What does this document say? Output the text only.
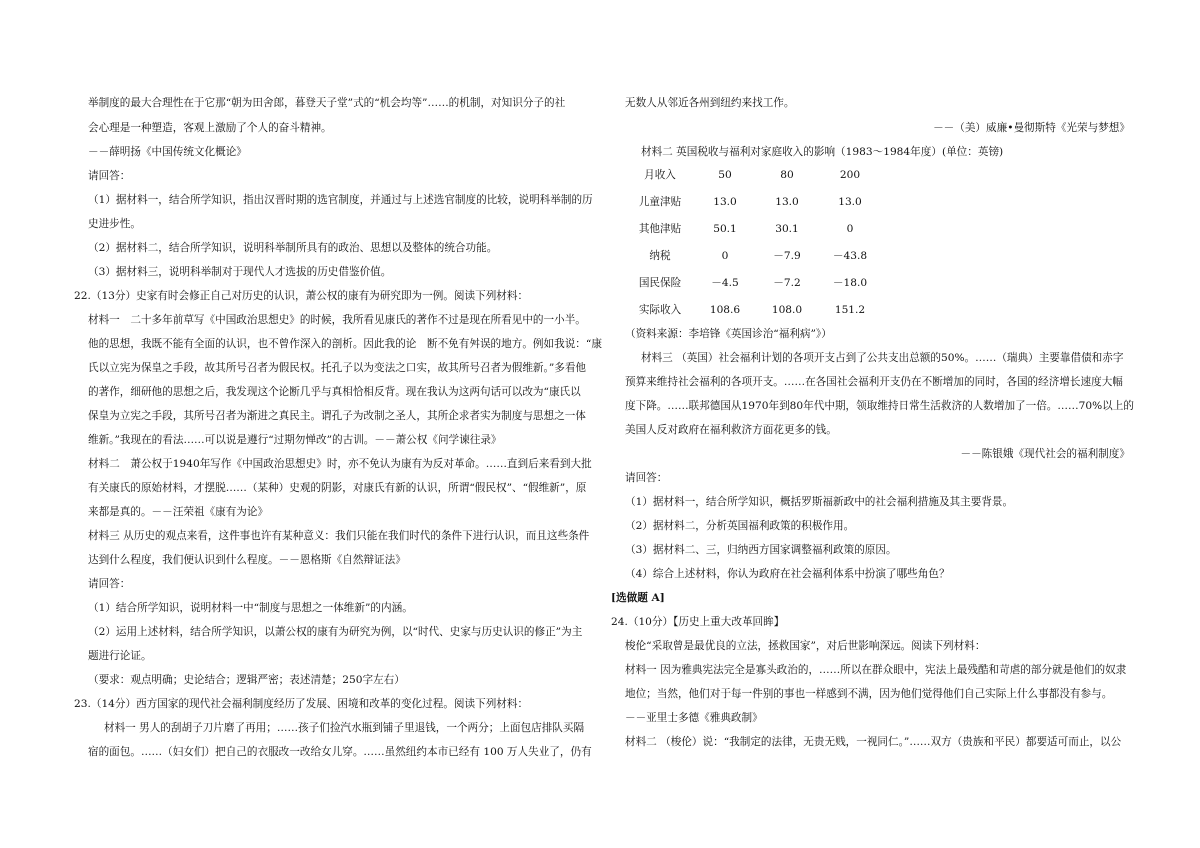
举制度的最大合理性在于它那“朝为田舍郎，暮登天子堂”式的“机会均等”……的机制，对知识分子的社
会心理是一种塑造，客观上激励了个人的奋斗精神。
－－薛明扬《中国传统文化概论》
请回答：
（1）据材料一，结合所学知识，指出汉晋时期的选官制度，并通过与上述选官制度的比较，说明科举制的历
史进步性。
（2）据材料二，结合所学知识，说明科举制所具有的政治、思想以及整体的统合功能。
（3）据材料三，说明科举制对于现代人才选拔的历史借鉴价值。
22.（13分）史家有时会修正自己对历史的认识，萧公权的康有为研究即为一例。阅读下列材料：
材料一　二十多年前草写《中国政治思想史》的时候，我所看见康氏的著作不过是现在所看见中的一小半。
他的思想，我既不能有全面的认识，也不曾作深入的剖析。因此我的论　断不免有舛误的地方。例如我说：“康
氏以立宪为保皇之手段，故其所号召者为假民权。托孔子以为变法之口实，故其所号召者为假维新。”多看他
的著作，细研他的思想之后，我发现这个论断几乎与真相恰相反背。现在我认为这两句话可以改为“康氏以
保皇为立宪之手段，其所号召者为渐进之真民主。谓孔子为改制之圣人，其所企求者实为制度与思想之一体
维新。”我现在的看法……可以说是遵行“过期勿惮改”的古训。－－萧公权《问学谏往录》
材料二　萧公权于1940年写作《中国政治思想史》时，亦不免认为康有为反对革命。……直到后来看到大批
有关康氏的原始材料，才摆脱……（某种）史观的阴影，对康氏有新的认识，所谓“假民权”、“假维新”，原
来都是真的。－－汪荣祖《康有为论》
材料三 从历史的观点来看，这件事也许有某种意义：我们只能在我们时代的条件下进行认识，而且这些条件
达到什么程度，我们便认识到什么程度。－－恩格斯《自然辩证法》
请回答：
（1）结合所学知识，说明材料一中“制度与思想之一体维新”的内涵。
（2）运用上述材料，结合所学知识，以萧公权的康有为研究为例，以“时代、史家与历史认识的修正”为主
题进行论证。
（要求：观点明确；史论结合；逻辑严密；表述清楚；250字左右）
23.（14分）西方国家的现代社会福利制度经历了发展、困境和改革的变化过程。阅读下列材料：
材料一 男人的刮胡子刀片磨了再用；……孩子们捡汽水瓶到铺子里退钱，一个两分；上面包店排队买隔
宿的面包。……（妇女们）把自己的衣服改一改给女儿穿。……虽然纽约本市已经有 100 万人失业了，仍有
无数人从邻近各州到纽约来找工作。
－－（美）威廉•曼彻斯特《光荣与梦想》
材料二 英国税收与福利对家庭收入的影响（1983～1984年度）(单位：英镑)
月收入	50	80	200
儿童津贴	13.0	13.0	13.0
其他津贴	50.1	30.1	0
纳税	0	－7.9	－43.8
国民保险	－4.5	－7.2	－18.0
实际收入	108.6	108.0	151.2
（资料来源：李培锋《英国诊治“福利病”》）
材料三 （英国）社会福利计划的各项开支占到了公共支出总额的50%。……（瑞典）主要靠借债和赤字
预算来维持社会福利的各项开支。……在各国社会福利开支仍在不断增加的同时，各国的经济增长速度大幅
度下降。……联邦德国从1970年到80年代中期，领取维持日常生活救济的人数增加了一倍。……70%以上的
美国人反对政府在福利救济方面花更多的钱。
－－陈银娥《现代社会的福利制度》
请回答：
（1）据材料一，结合所学知识，概括罗斯福新政中的社会福利措施及其主要背景。
（2）据材料二，分析英国福利政策的积极作用。
（3）据材料二、三，归纳西方国家调整福利政策的原因。
（4）综合上述材料，你认为政府在社会福利体系中扮演了哪些角色？
[选做题 A]
24.（10分）【历史上重大改革回眸】
梭伦“采取曾是最优良的立法，拯救国家”，对后世影响深远。阅读下列材料：
材料一 因为雅典宪法完全是寡头政治的，……所以在群众眼中，宪法上最残酷和苛虐的部分就是他们的奴隶
地位；当然，他们对于每一件别的事也一样感到不满，因为他们觉得他们自己实际上什么事都没有参与。
－－亚里士多德《雅典政制》
材料二 （梭伦）说：“我制定的法律，无贵无贱，一视同仁。”……双方（贵族和平民）都要适可而止，以公
